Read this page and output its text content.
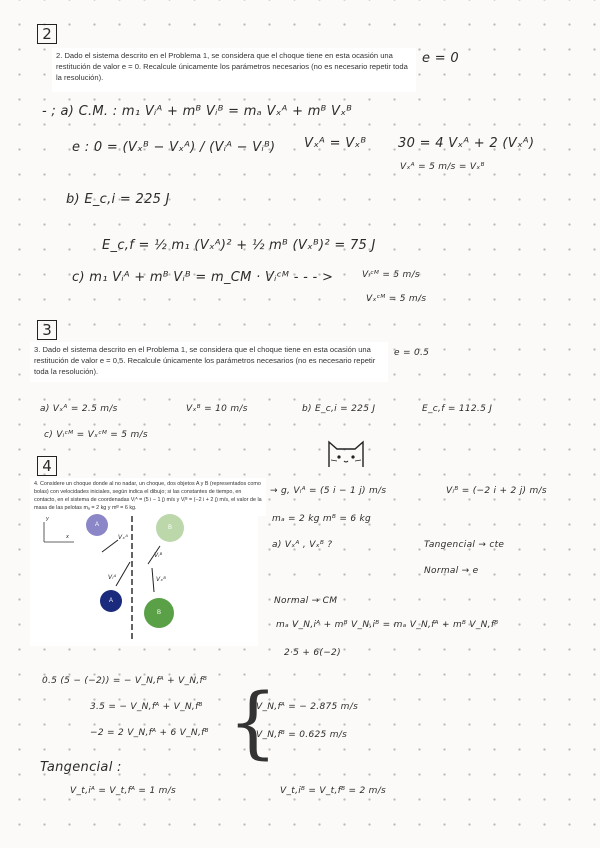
2

2. Dado el sistema descrito en el Problema 1, se considera que el choque tiene en esta ocasión una restitución de valor e = 0. Recalcule únicamente los parámetros necesarios (no es necesario repetir toda la resolución).

e = 0
- ; a) C.M. : m₁ Vᵢᴬ + mᴮ Vᵢᴮ = mₐ Vₓᴬ + mᴮ Vₓᴮ
e : 0 = (Vₓᴮ − Vₓᴬ) / (Vᵢᴬ − Vᵢᴮ) Vₓᴬ = Vₓᴮ 30 = 4 Vₓᴬ + 2 (Vₓᴬ)
Vₓᴬ = 5 m/s = Vₓᴮ
b) E_c,i = 225 J
E_c,f = ½ m₁ (Vₓᴬ)² + ½ mᴮ (Vₓᴮ)² = 75 J
c) m₁ Vᵢᴬ + mᴮ Vᵢᴮ = m_CM · Vᵢᶜᴹ - - - >	Vᵢᶜᴹ = 5 m/s
Vₓᶜᴹ = 5 m/s
3

3. Dado el sistema descrito en el Problema 1, se considera que el choque tiene en esta ocasión una restitución de valor e = 0,5. Recalcule únicamente los parámetros necesarios (no es necesario repetir toda la resolución).

e = 0.5
a) Vₓᴬ = 2.5 m/s	Vₓᴮ = 10 m/s	b) E_c,i = 225 J	E_c,f = 112.5 J
c) Vᵢᶜᴹ = Vₓᶜᴹ = 5 m/s
4

4. Considere un choque donde al no nadar, un choque, dos objetos A y B (representados como bolas) con velocidades iniciales, según indica el dibujo; si las constantes de tiempo, en contacto, en el sistema de coordenadas Vᵢᴬ = (5 i − 1 j) m/s y Vᵢᴮ = (−2 i + 2 j) m/s, el valor de la masa de las pelotas mₐ = 2 kg y mᴮ = 6 kg.

y
x
A	B
A
B
Vᵢᴬ
Vᵢᴮ
Vₓᴬ
Vₓᴮ
→ g, Vᵢᴬ = (5 i − 1 j) m/s	Vᵢᴮ = (−2 i + 2 j) m/s
mₐ = 2 kg mᴮ = 6 kg
a) Vₓᴬ , Vₓᴮ ?	Tangencial → cte
Normal → e
Normal → CM
mₐ V_N,iᴬ + mᴮ V_N,iᴮ = mₐ V_N,fᴬ + mᴮ V_N,fᴮ
2·5 + 6(−2)
0.5 (5 − (−2)) = − V_N,fᴬ + V_N,fᴮ
3.5 = − V_N,fᴬ + V_N,fᴮ
−2 = 2 V_N,fᴬ + 6 V_N,fᴮ {
V_N,fᴬ = − 2.875 m/s
V_N,fᴮ = 0.625 m/s
Tangencial :
V_t,iᴬ = V_t,fᴬ = 1 m/s	V_t,iᴮ = V_t,fᴮ = 2 m/s
